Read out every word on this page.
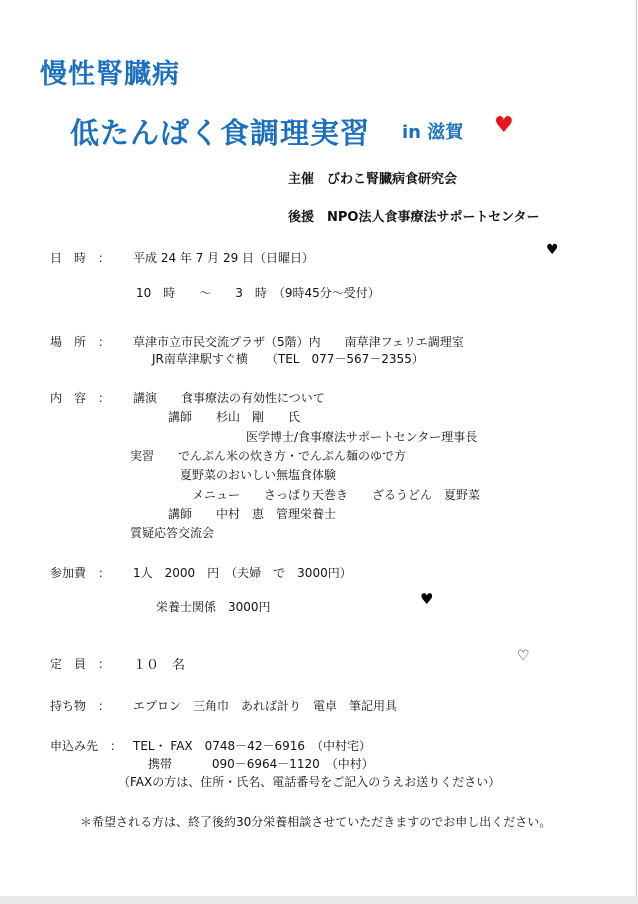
慢性腎臓病
低たんぱく食調理実習 in 滋賀 ♥
主催　びわこ腎臓病食研究会
後援　NPO法人食事療法サポートセンター
日　時　： 平成 24 年 7 月 29 日（日曜日）	♥
10　時　　～　　3　時　（9時45分～受付）
場　所　： 草津市立市民交流プラザ（5階）内　　南草津フェリエ調理室
JR南草津駅すぐ横　　（TEL　077－567－2355）
内　容　： 講演　　食事療法の有効性について
講師　　杉山　剛　　氏
医学博士/食事療法サポートセンター理事長
実習　　でんぷん米の炊き方・でんぷん麺のゆで方
夏野菜のおいしい無塩食体験
メニュー　　さっぱり天巻き　　ざるうどん　夏野菜
講師　　中村　恵　管理栄養士
質疑応答交流会
参加費　： 1人　2000　円　（夫婦　で　3000円）
栄養士関係　3000円	♥
定　員　： １０　名
♡
持ち物　： エプロン　三角巾　あれば計り　電卓　筆記用具
申込み先　： TEL・ FAX　0748－42－6916　（中村宅）
携帯　　　 090－6964－1120　（中村）
（FAXの方は、住所・氏名、電話番号をご記入のうえお送りください）
＊希望される方は、終了後約30分栄養相談させていただきますのでお申し出ください。
